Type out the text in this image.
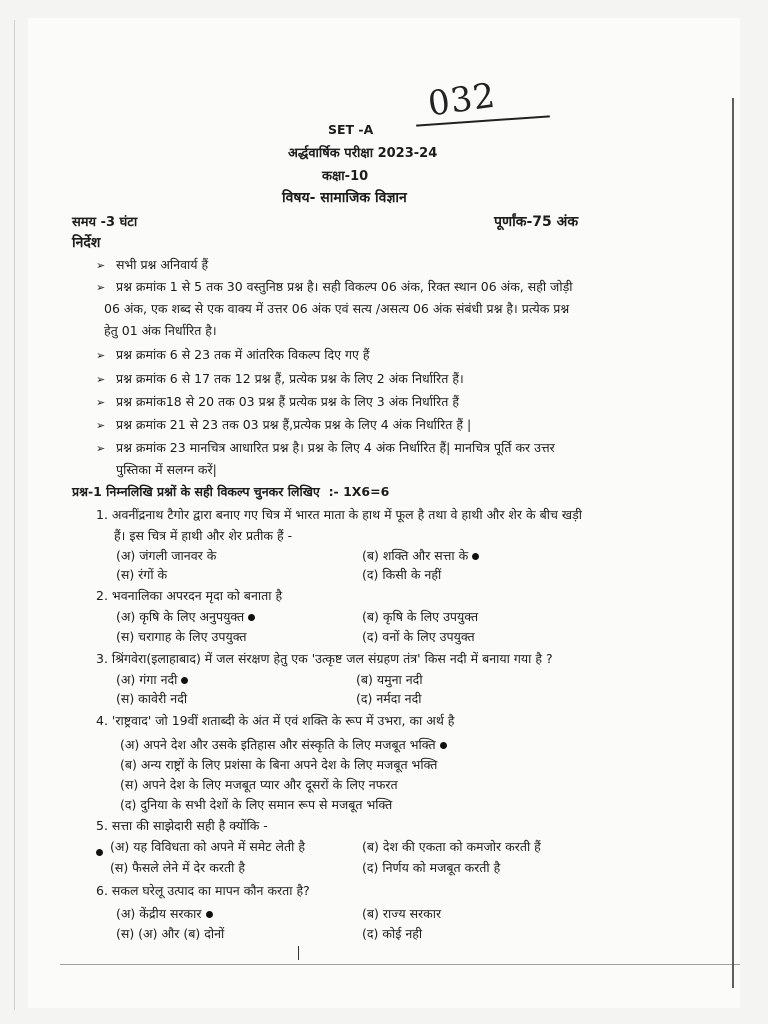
032
SET -A
अर्द्धवार्षिक परीक्षा 2023-24
कक्षा-10
विषय- सामाजिक विज्ञान
समय -3 घंटा	पूर्णांक-75 अंक
निर्देश
➢ सभी प्रश्न अनिवार्य हैं
➢ प्रश्न क्रमांक 1 से 5 तक 30 वस्तुनिष्ठ प्रश्न है। सही विकल्प 06 अंक, रिक्त स्थान 06 अंक, सही जोड़ी
06 अंक, एक शब्द से एक वाक्य में उत्तर 06 अंक एवं सत्य /असत्य 06 अंक संबंधी प्रश्न है। प्रत्येक प्रश्न
हेतु 01 अंक निर्धारित है।
➢ प्रश्न क्रमांक 6 से 23 तक में आंतरिक विकल्प दिए गए हैं
➢ प्रश्न क्रमांक 6 से 17 तक 12 प्रश्न हैं, प्रत्येक प्रश्न के लिए 2 अंक निर्धारित हैं।
➢ प्रश्न क्रमांक18 से 20 तक 03 प्रश्न हैं प्रत्येक प्रश्न के लिए 3 अंक निर्धारित हैं
➢ प्रश्न क्रमांक 21 से 23 तक 03 प्रश्न हैं,प्रत्येक प्रश्न के लिए 4 अंक निर्धारित हैं |
➢ प्रश्न क्रमांक 23 मानचित्र आधारित प्रश्न है। प्रश्न के लिए 4 अंक निर्धारित हैं| मानचित्र पूर्ति कर उत्तर
पुस्तिका में सलग्न करें|
प्रश्न-1 निम्नलिखि प्रश्नों के सही विकल्प चुनकर लिखिए :- 1X6=6
1. अवनींद्रनाथ टैगोर द्वारा बनाए गए चित्र में भारत माता के हाथ में फूल है तथा वे हाथी और शेर के बीच खड़ी
हैं। इस चित्र में हाथी और शेर प्रतीक हैं -
(अ) जंगली जानवर के	(ब) शक्ति और सत्ता के
(स) रंगों के	(द) किसी के नहीं
2. भवनालिका अपरदन मृदा को बनाता है
(अ) कृषि के लिए अनुपयुक्त	(ब) कृषि के लिए उपयुक्त
(स) चरागाह के लिए उपयुक्त	(द) वनों के लिए उपयुक्त
3. श्रिंगवेरा(इलाहाबाद) में जल संरक्षण हेतु एक 'उत्कृष्ट जल संग्रहण तंत्र' किस नदी में बनाया गया है ?
(अ) गंगा नदी	(ब) यमुना नदी
(स) कावेरी नदी	(द) नर्मदा नदी
4. 'राष्ट्रवाद' जो 19वीं शताब्दी के अंत में एवं शक्ति के रूप में उभरा, का अर्थ है
(अ) अपने देश और उसके इतिहास और संस्कृति के लिए मजबूत भक्ति
(ब) अन्य राष्ट्रों के लिए प्रशंसा के बिना अपने देश के लिए मजबूत भक्ति
(स) अपने देश के लिए मजबूत प्यार और दूसरों के लिए नफरत
(द) दुनिया के सभी देशों के लिए समान रूप से मजबूत भक्ति
5. सत्ता की साझेदारी सही है क्योंकि -
(अ) यह विविधता को अपने में समेट लेती है	(ब) देश की एकता को कमजोर करती हैं
(स) फैसले लेने में देर करती है	(द) निर्णय को मजबूत करती है
6. सकल घरेलू उत्पाद का मापन कौन करता है?
(अ) केंद्रीय सरकार	(ब) राज्य सरकार
(स) (अ) और (ब) दोनों	(द) कोई नही
